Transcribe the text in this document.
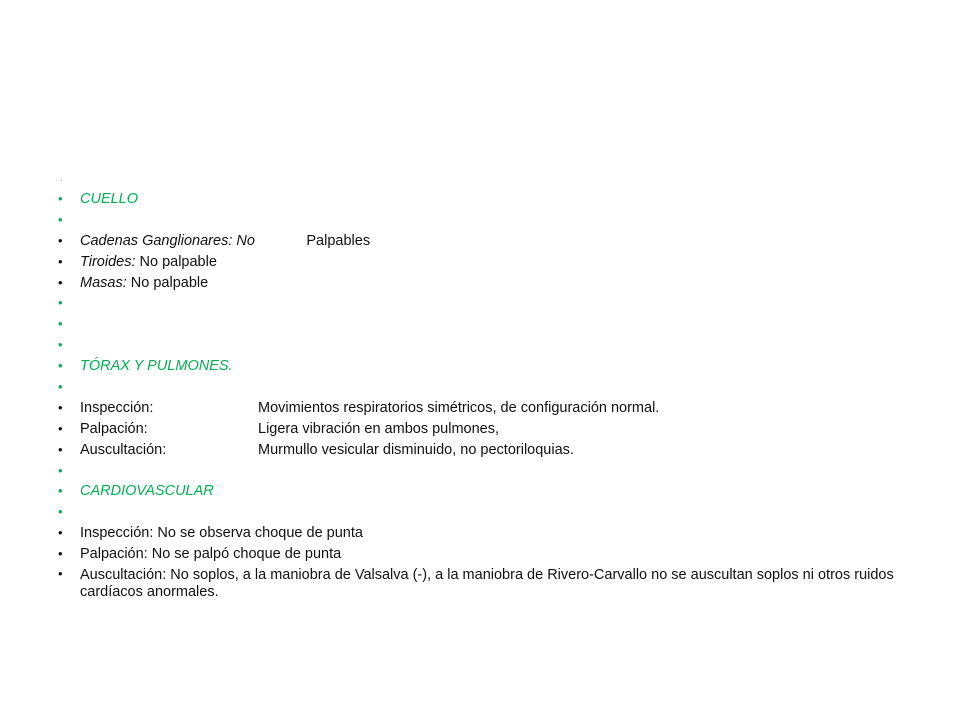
·
• CUELLO
•
• Cadenas Ganglionares: No	Palpables
• Tiroides: No palpable
• Masas: No palpable
•
•
•
• TÓRAX Y PULMONES.
•
• Inspección:	Movimientos respiratorios simétricos, de configuración normal.
• Palpación:	Ligera vibración en ambos pulmones,
• Auscultación:	Murmullo vesicular disminuido, no pectoriloquias.
•
• CARDIOVASCULAR
•
• Inspección: No se observa choque de punta
• Palpación: No se palpó choque de punta
• Auscultación: No soplos, a la maniobra de Valsalva (-), a la maniobra de Rivero-Carvallo no se auscultan soplos ni otros ruidos cardíacos anormales.
